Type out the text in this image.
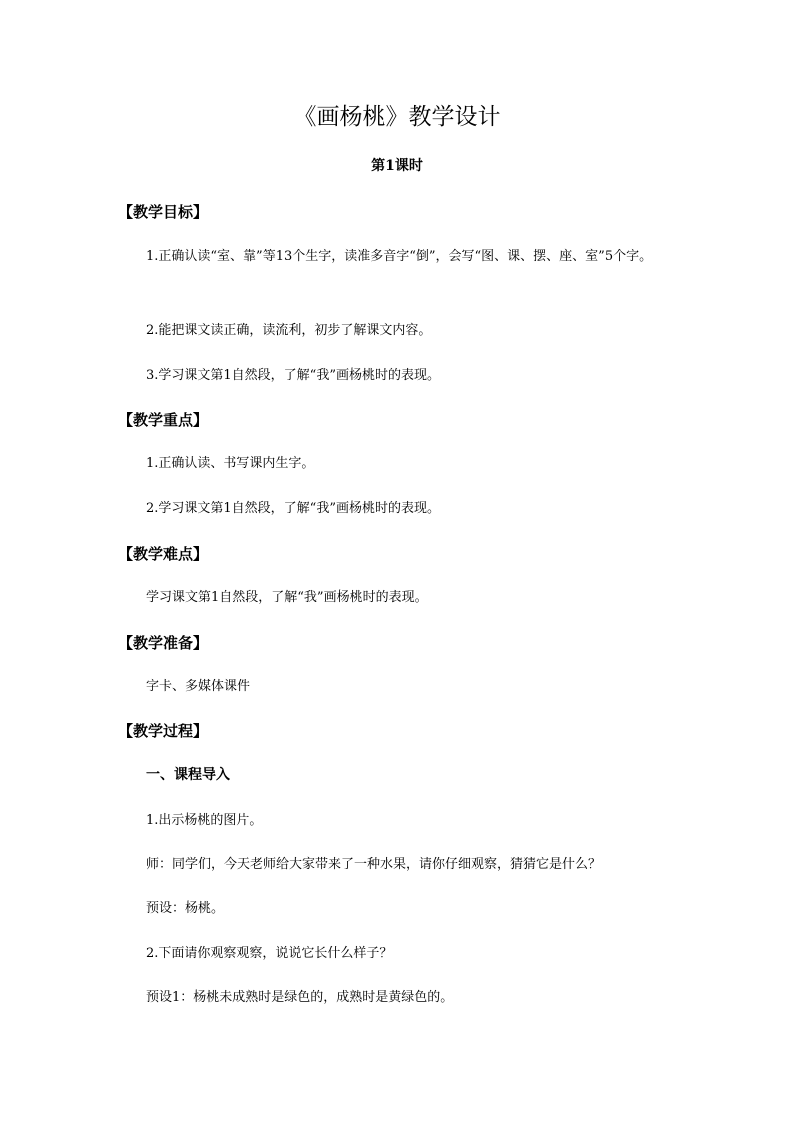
《画杨桃》教学设计
第1课时
【教学目标】
1.正确认读“室、靠”等13个生字，读准多音字“倒”，会写“图、课、摆、座、室”5个字。
2.能把课文读正确，读流利，初步了解课文内容。
3.学习课文第1自然段，了解“我”画杨桃时的表现。
【教学重点】
1.正确认读、书写课内生字。
2.学习课文第1自然段，了解“我”画杨桃时的表现。
【教学难点】
学习课文第1自然段，了解“我”画杨桃时的表现。
【教学准备】
字卡、多媒体课件
【教学过程】
一、课程导入
1.出示杨桃的图片。
师：同学们，今天老师给大家带来了一种水果，请你仔细观察，猜猜它是什么？
预设：杨桃。
2.下面请你观察观察，说说它长什么样子？
预设1：杨桃未成熟时是绿色的，成熟时是黄绿色的。
